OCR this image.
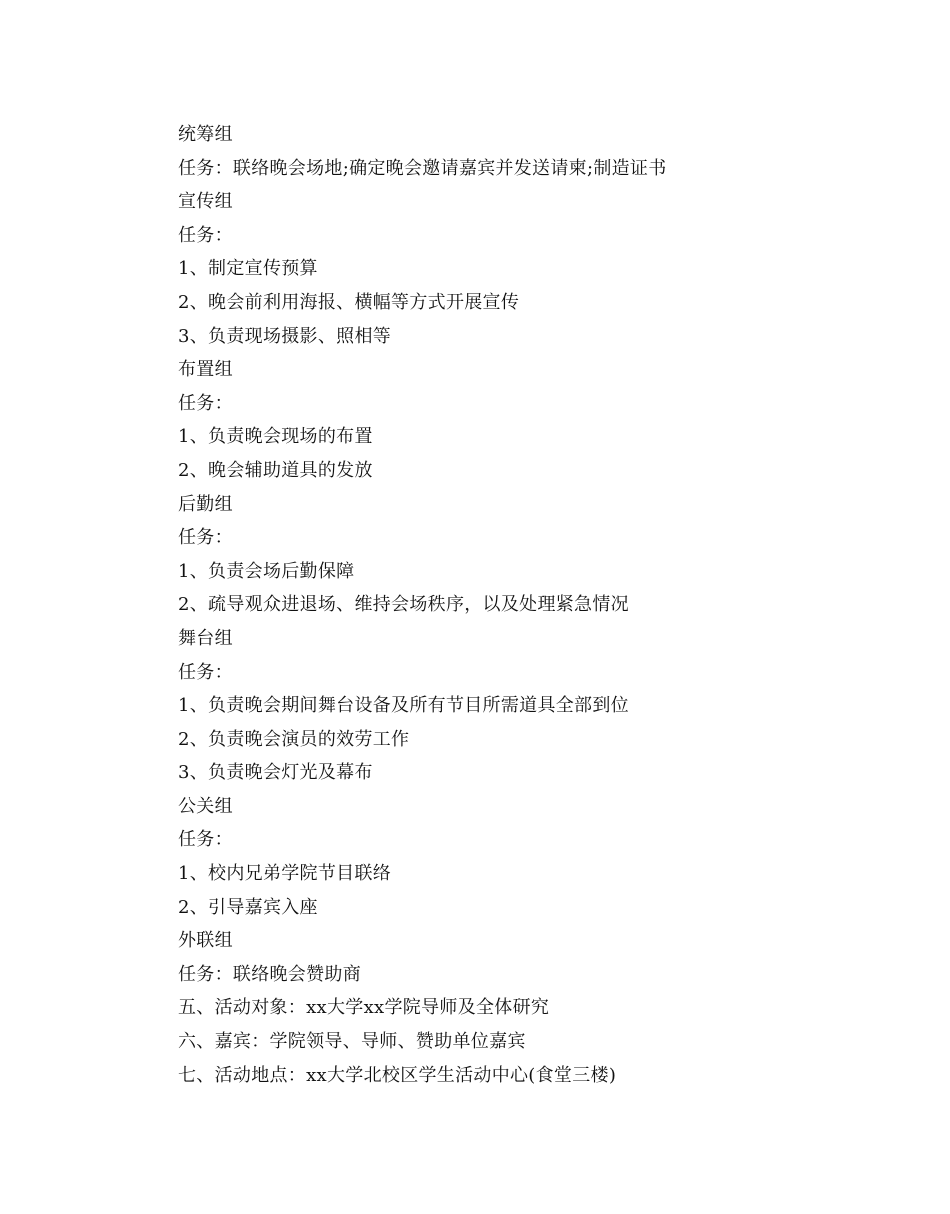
统筹组
任务：联络晚会场地;确定晚会邀请嘉宾并发送请柬;制造证书
宣传组
任务：
1、制定宣传预算
2、晚会前利用海报、横幅等方式开展宣传
3、负责现场摄影、照相等
布置组
任务：
1、负责晚会现场的布置
2、晚会辅助道具的发放
后勤组
任务：
1、负责会场后勤保障
2、疏导观众进退场、维持会场秩序，以及处理紧急情况
舞台组
任务：
1、负责晚会期间舞台设备及所有节目所需道具全部到位
2、负责晚会演员的效劳工作
3、负责晚会灯光及幕布
公关组
任务：
1、校内兄弟学院节目联络
2、引导嘉宾入座
外联组
任务：联络晚会赞助商
五、活动对象：xx大学xx学院导师及全体研究
六、嘉宾：学院领导、导师、赞助单位嘉宾
七、活动地点：xx大学北校区学生活动中心(食堂三楼)
